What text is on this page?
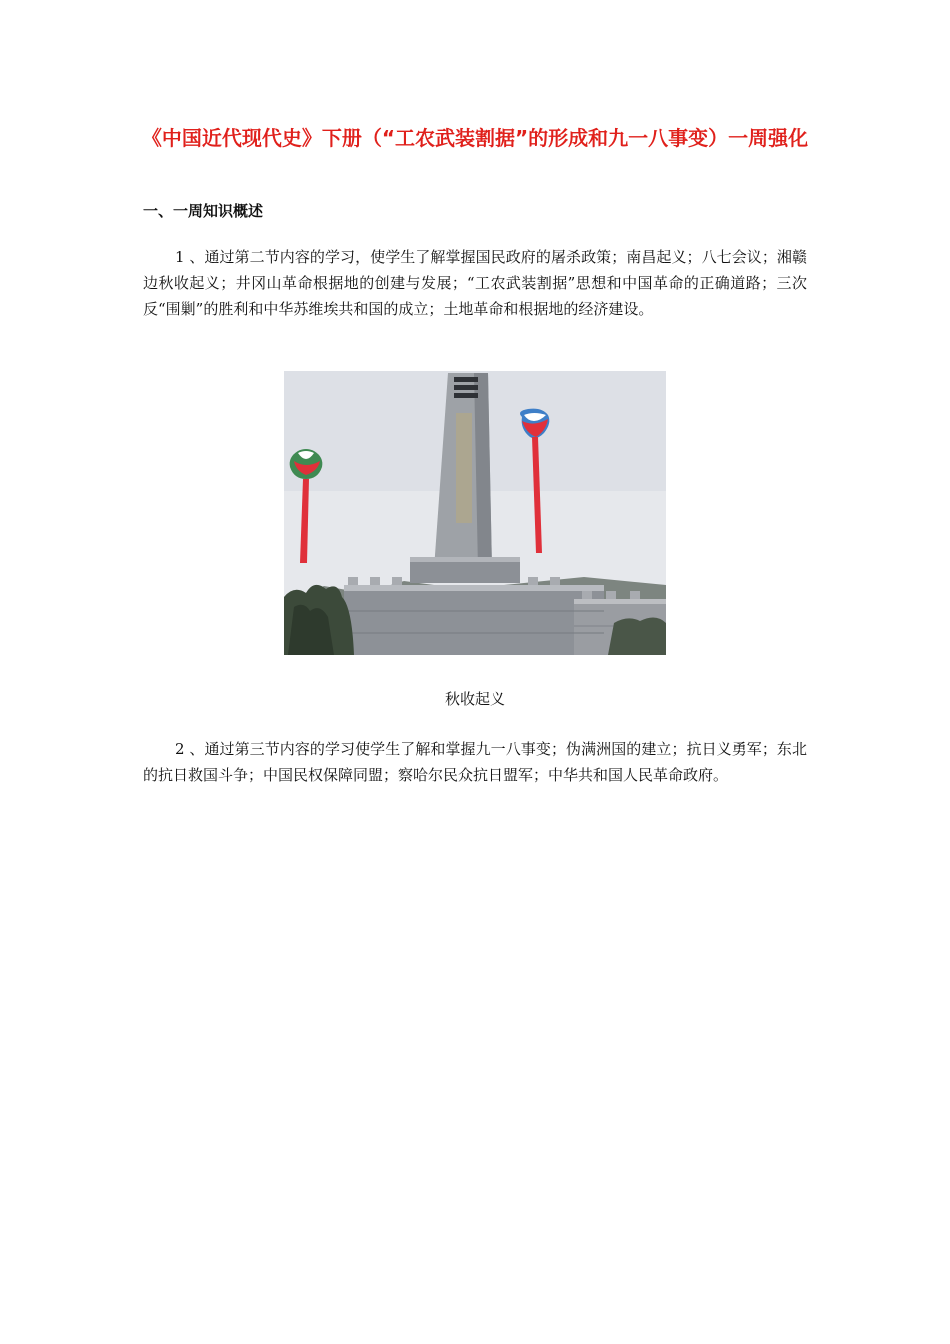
《中国近代现代史》下册（“工农武装割据”的形成和九一八事变）一周强化
一、一周知识概述
1 、通过第二节内容的学习，使学生了解掌握国民政府的屠杀政策；南昌起义；八七会议；湘赣边秋收起义；井冈山革命根据地的创建与发展；“工农武装割据”思想和中国革命的正确道路；三次反“围剿”的胜利和中华苏维埃共和国的成立；土地革命和根据地的经济建设。
秋收起义
2 、通过第三节内容的学习使学生了解和掌握九一八事变；伪满洲国的建立；抗日义勇军；东北的抗日救国斗争；中国民权保障同盟；察哈尔民众抗日盟军；中华共和国人民革命政府。
